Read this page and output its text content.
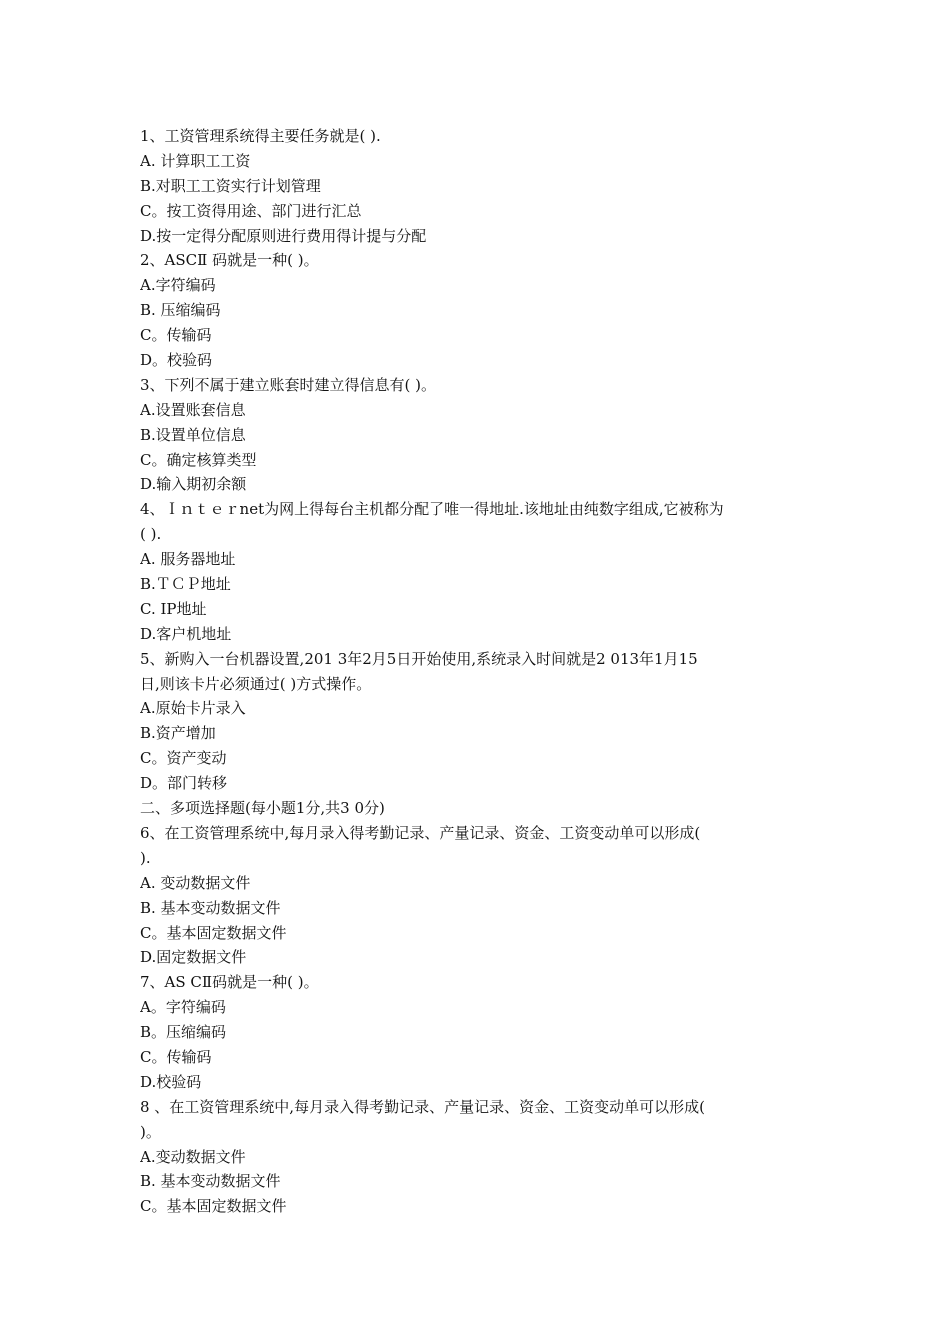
1、工资管理系统得主要任务就是( ).
A. 计算职工工资
B.对职工工资实行计划管理
C。按工资得用途、部门进行汇总
D.按一定得分配原则进行费用得计提与分配
2、ASCⅡ 码就是一种( )。
A.字符编码
B. 压缩编码
C。传输码
D。校验码
3、下列不属于建立账套时建立得信息有( )。
A.设置账套信息
B.设置单位信息
C。确定核算类型
D.输入期初余额
4、Ｉｎｔｅｒnet为网上得每台主机都分配了唯一得地址.该地址由纯数字组成,它被称为
( ).
A. 服务器地址
B.ＴＣＰ地址
C. IP地址
D.客户机地址
5、新购入一台机器设置,201 3年2月5日开始使用,系统录入时间就是2 013年1月15
日,则该卡片必须通过( )方式操作。
A.原始卡片录入
B.资产增加
C。资产变动
D。部门转移
二、多项选择题(每小题1分,共3 0分)
6、在工资管理系统中,每月录入得考勤记录、产量记录、资金、工资变动单可以形成(
).
A. 变动数据文件
B. 基本变动数据文件
C。基本固定数据文件
D.固定数据文件
7、AS CⅡ码就是一种( )。
A。字符编码
B。压缩编码
C。传输码
D.校验码
8 、在工资管理系统中,每月录入得考勤记录、产量记录、资金、工资变动单可以形成(
)。
A.变动数据文件
B. 基本变动数据文件
C。基本固定数据文件
